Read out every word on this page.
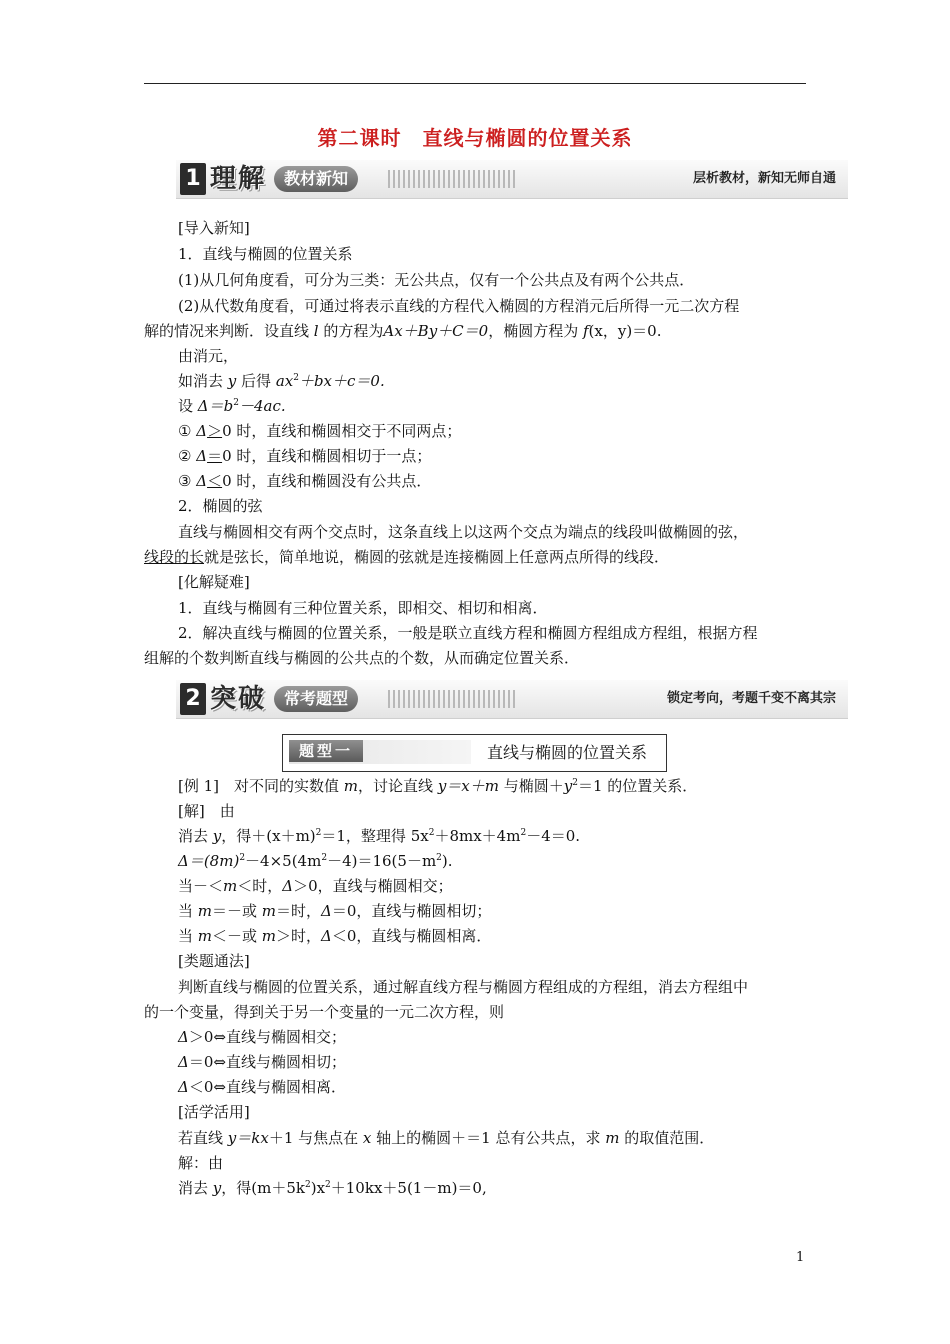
第二课时　直线与椭圆的位置关系
1 理解	教材新知	层析教材，新知无师自通
[导入新知]
1．直线与椭圆的位置关系
(1)从几何角度看，可分为三类：无公共点，仅有一个公共点及有两个公共点．
(2)从代数角度看，可通过将表示直线的方程代入椭圆的方程消元后所得一元二次方程
解的情况来判断．设直线 l 的方程为Ax＋By＋C＝0，椭圆方程为 f(x，y)＝0.
由消元，
如消去 y 后得 $ax^2+bx+c=0$.
设 $\Delta=b^2-4ac$.
① Δ＞0 时，直线和椭圆相交于不同两点；
② Δ＝0 时，直线和椭圆相切于一点；
③ Δ＜0 时，直线和椭圆没有公共点．
2．椭圆的弦
直线与椭圆相交有两个交点时，这条直线上以这两个交点为端点的线段叫做椭圆的弦，
线段的长就是弦长，简单地说，椭圆的弦就是连接椭圆上任意两点所得的线段．
[化解疑难]
1．直线与椭圆有三种位置关系，即相交、相切和相离．
2．解决直线与椭圆的位置关系，一般是联立直线方程和椭圆方程组成方程组，根据方程
组解的个数判断直线与椭圆的公共点的个数，从而确定位置关系．
2 突破	常考题型	锁定考向，考题千变不离其宗
题型一	直线与椭圆的位置关系
[例 1]　对不同的实数值 m，讨论直线 y＝x＋m 与椭圆$+y^2=1$ 的位置关系．
[解]　由
消去 y，得$+(x+m)^2=1$，整理得 $5x^2+8mx+4m^2-4=0$.
$\Delta=(8m)^2-4\times 5(4m^2-4)=16(5-m^2)$.
当－＜m＜时，Δ＞0，直线与椭圆相交；
当 m＝－或 m＝时，Δ＝0，直线与椭圆相切；
当 m＜－或 m＞时，Δ＜0，直线与椭圆相离．
[类题通法]
判断直线与椭圆的位置关系，通过解直线方程与椭圆方程组成的方程组，消去方程组中
的一个变量，得到关于另一个变量的一元二次方程，则
Δ＞0⇔直线与椭圆相交；
Δ＝0⇔直线与椭圆相切；
Δ＜0⇔直线与椭圆相离．
[活学活用]
若直线 y＝kx＋1 与焦点在 x 轴上的椭圆＋＝1 总有公共点，求 m 的取值范围．
解：由
消去 y，得$(m+5k^2)x^2+10kx+5(1-m)=0$,
1
